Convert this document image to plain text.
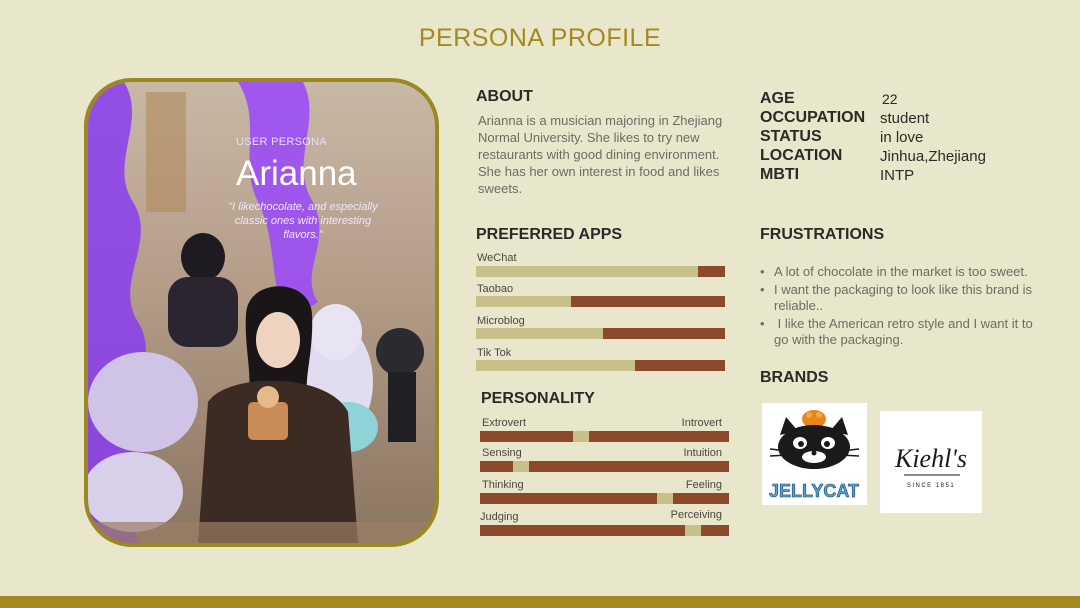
PERSONA PROFILE
USER PERSONA
Arianna
"I likechocolate, and especially classic ones with interesting flavors."
ABOUT
Arianna is a musician majoring in Zhejiang Normal University. She likes to try new restaurants with good dining environment. She has her own interest in food and likes sweets.
AGE	22
OCCUPATION student
STATUS	in love
LOCATION	Jinhua,Zhejiang
MBTI	INTP
PREFERRED APPS
WeChat
Taobao
Microblog
Tik Tok
PERSONALITY
Extrovert	Introvert
Sensing	Intuition
Thinking	Feeling
Judging	Perceiving
FRUSTRATIONS
• A lot of chocolate in the market is too sweet.
• I want the packaging to look like this brand is reliable..
• I like the American retro style and I want it to go with the packaging.
BRANDS
JELLYCAT
Kiehl's
SINCE 1851
